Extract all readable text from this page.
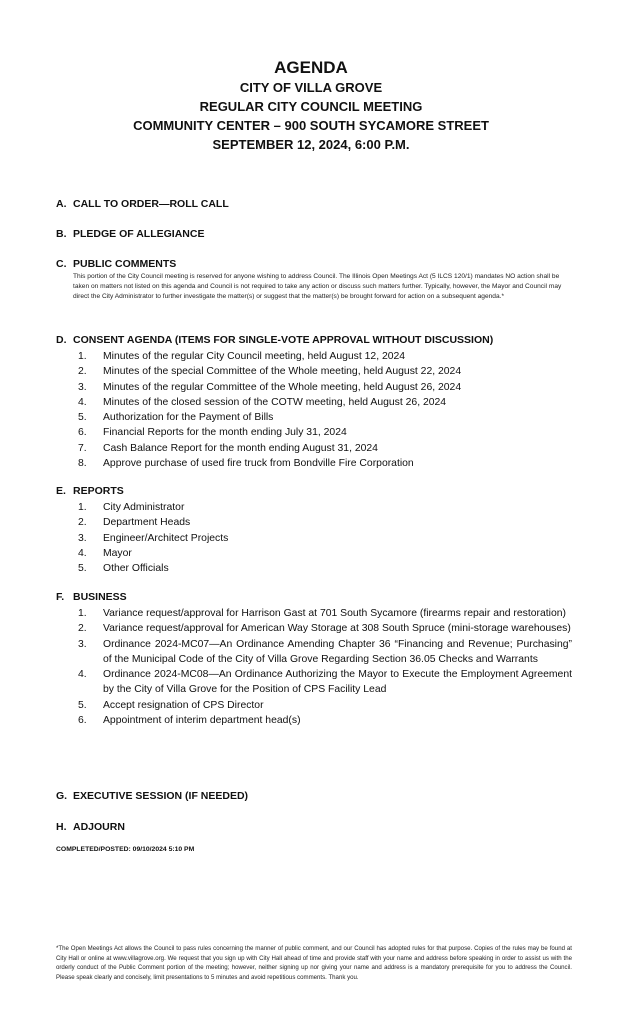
AGENDA
CITY OF VILLA GROVE
REGULAR CITY COUNCIL MEETING
COMMUNITY CENTER – 900 SOUTH SYCAMORE STREET
SEPTEMBER 12, 2024, 6:00 P.M.
A. CALL TO ORDER—ROLL CALL
B. PLEDGE OF ALLEGIANCE
C. PUBLIC COMMENTS
This portion of the City Council meeting is reserved for anyone wishing to address Council. The Illinois Open Meetings Act (5 ILCS 120/1) mandates NO action shall be taken on matters not listed on this agenda and Council is not required to take any action or discuss such matters further. Typically, however, the Mayor and Council may direct the City Administrator to further investigate the matter(s) or suggest that the matter(s) be brought forward for action on a subsequent agenda.*
D. CONSENT AGENDA (ITEMS FOR SINGLE-VOTE APPROVAL WITHOUT DISCUSSION)
1. Minutes of the regular City Council meeting, held August 12, 2024
2. Minutes of the special Committee of the Whole meeting, held August 22, 2024
3. Minutes of the regular Committee of the Whole meeting, held August 26, 2024
4. Minutes of the closed session of the COTW meeting, held August 26, 2024
5. Authorization for the Payment of Bills
6. Financial Reports for the month ending July 31, 2024
7. Cash Balance Report for the month ending August 31, 2024
8. Approve purchase of used fire truck from Bondville Fire Corporation
E. REPORTS
1. City Administrator
2. Department Heads
3. Engineer/Architect Projects
4. Mayor
5. Other Officials
F. BUSINESS
1. Variance request/approval for Harrison Gast at 701 South Sycamore (firearms repair and restoration)
2. Variance request/approval for American Way Storage at 308 South Spruce (mini-storage warehouses)
3. Ordinance 2024-MC07—An Ordinance Amending Chapter 36 “Financing and Revenue; Purchasing” of the Municipal Code of the City of Villa Grove Regarding Section 36.05 Checks and Warrants
4. Ordinance 2024-MC08—An Ordinance Authorizing the Mayor to Execute the Employment Agreement by the City of Villa Grove for the Position of CPS Facility Lead
5. Accept resignation of CPS Director
6. Appointment of interim department head(s)
G. EXECUTIVE SESSION (IF NEEDED)
H. ADJOURN
COMPLETED/POSTED: 09/10/2024 5:10 PM
*The Open Meetings Act allows the Council to pass rules concerning the manner of public comment, and our Council has adopted rules for that purpose. Copies of the rules may be found at City Hall or online at www.villagrove.org. We request that you sign up with City Hall ahead of time and provide staff with your name and address before speaking in order to assist us with the orderly conduct of the Public Comment portion of the meeting; however, neither signing up nor giving your name and address is a mandatory prerequisite for you to address the Council. Please speak clearly and concisely, limit presentations to 5 minutes and avoid repetitious comments. Thank you.
